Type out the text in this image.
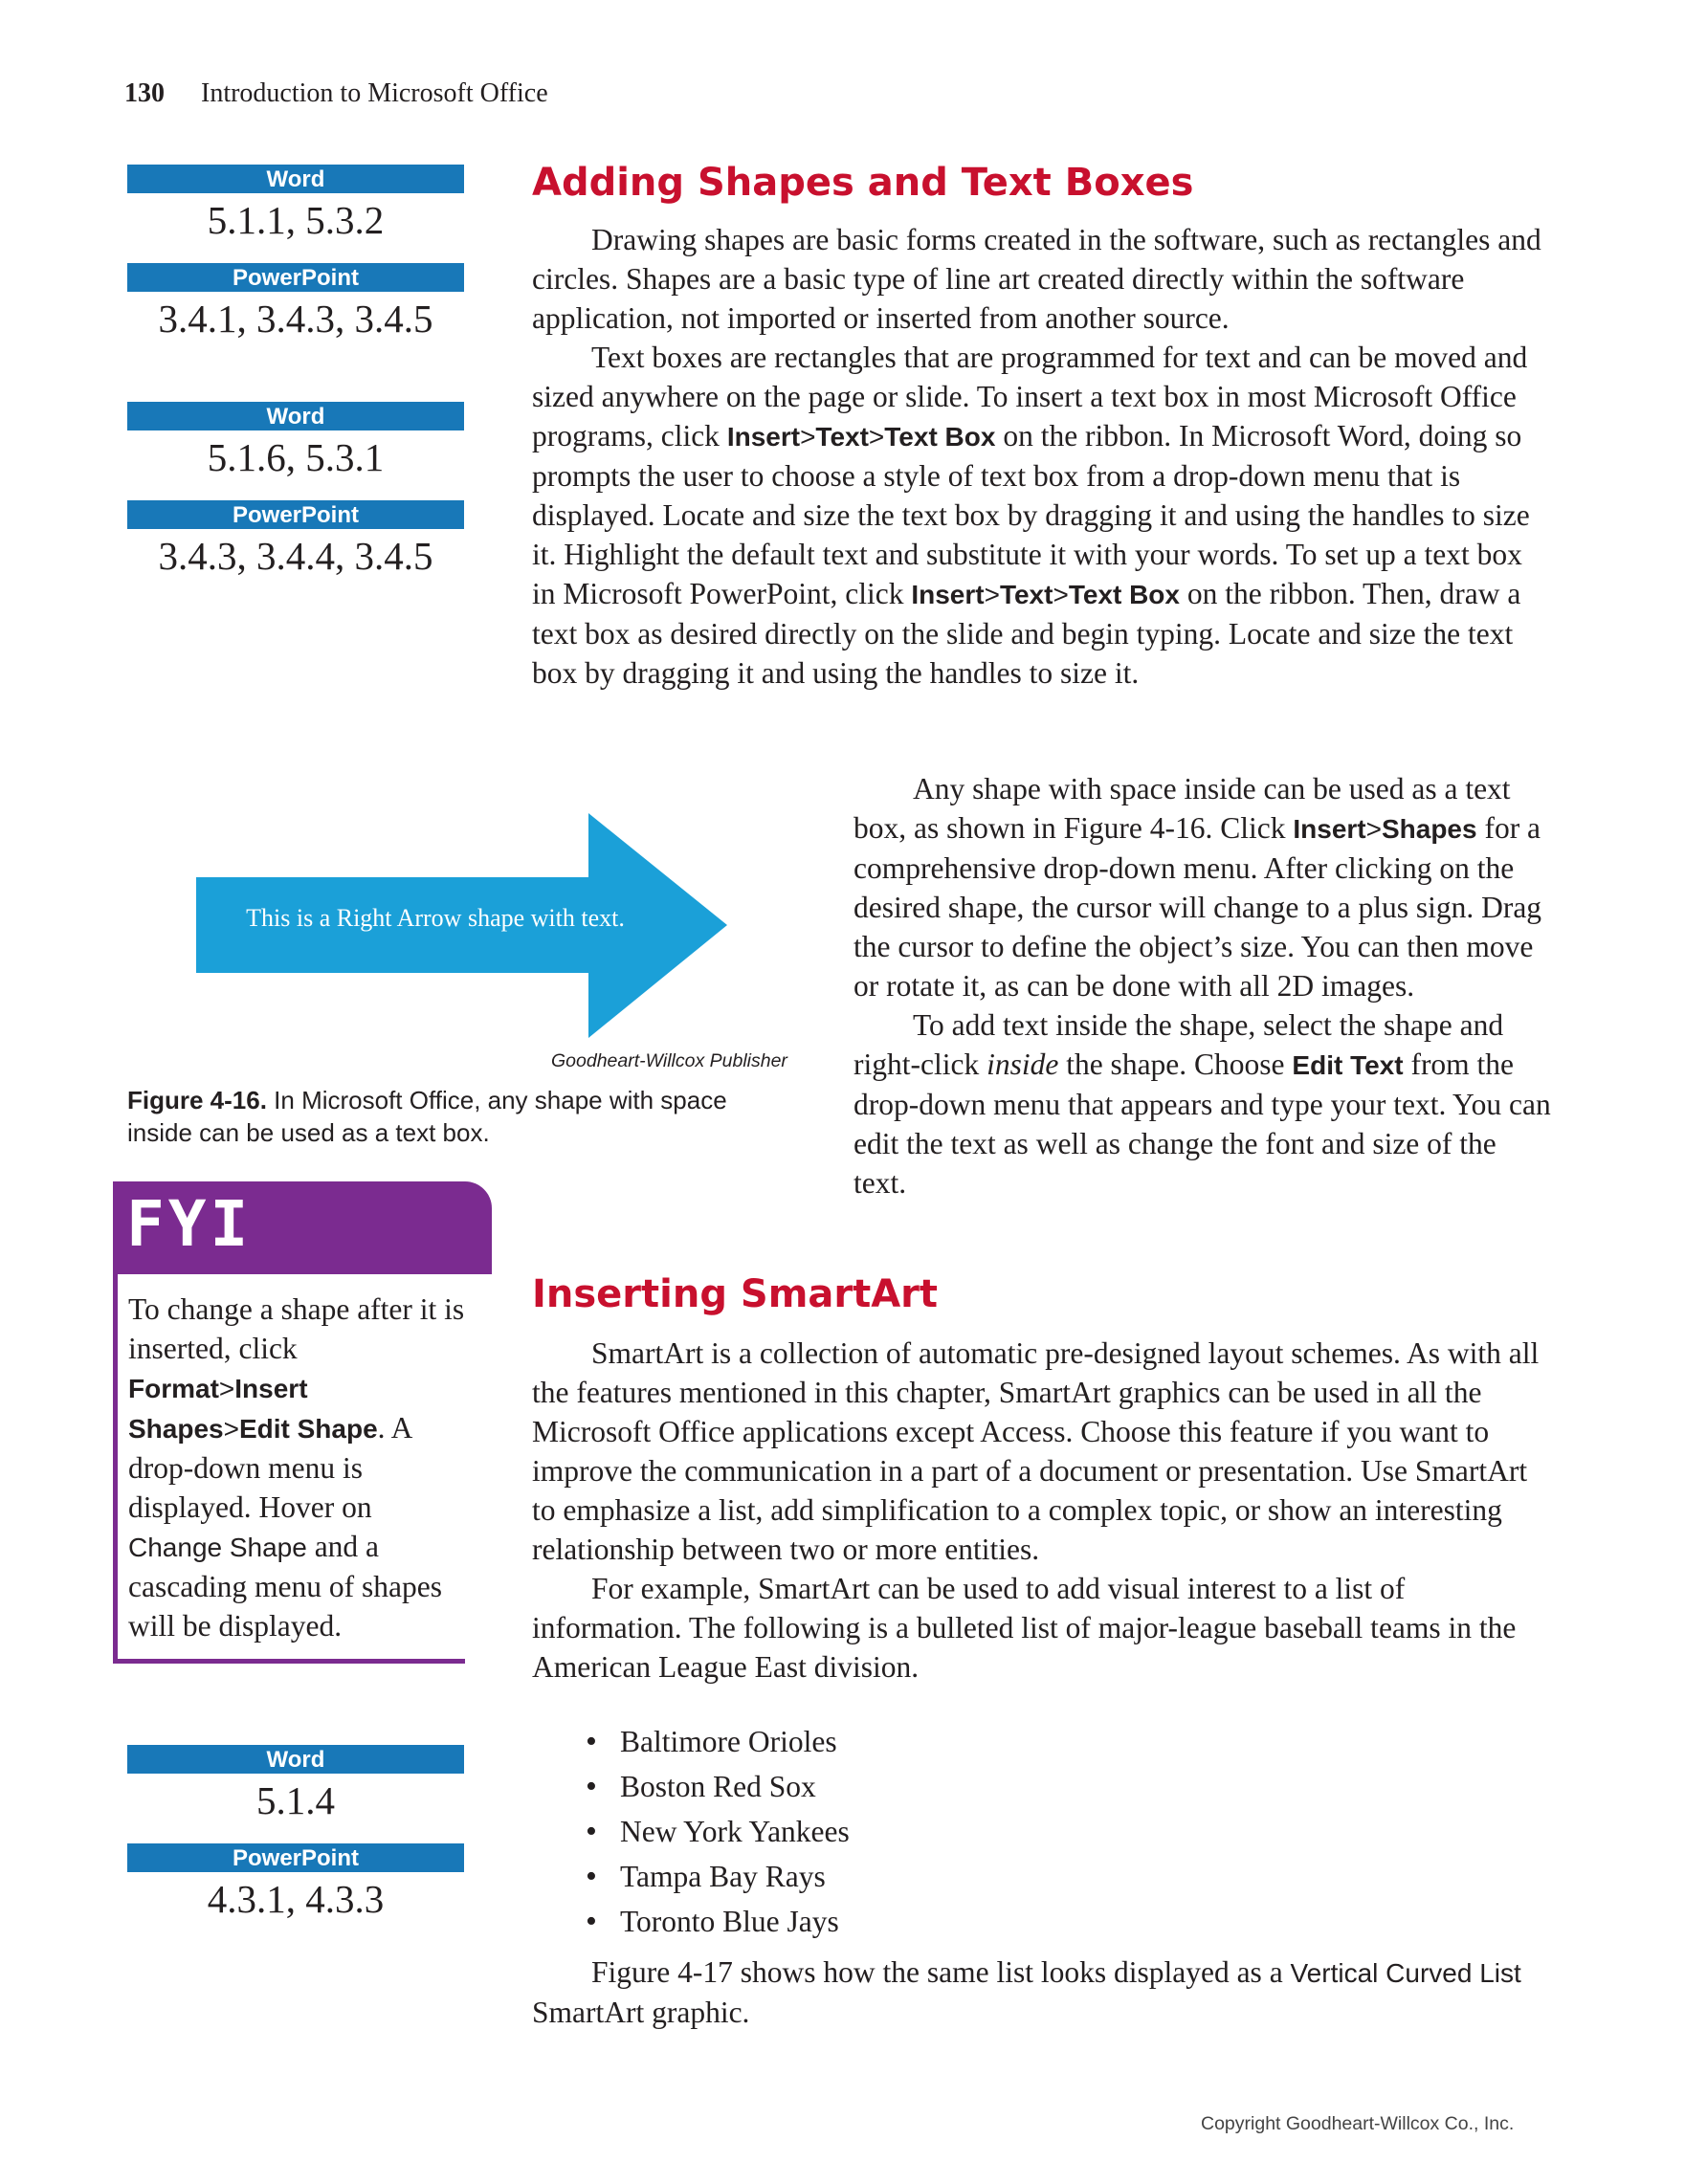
130 Introduction to Microsoft Office
Word
5.1.1, 5.3.2
PowerPoint
3.4.1, 3.4.3, 3.4.5
Word
5.1.6, 5.3.1
PowerPoint
3.4.3, 3.4.4, 3.4.5
Adding Shapes and Text Boxes

Drawing shapes are basic forms created in the software, such as rectangles and circles. Shapes are a basic type of line art created directly within the software application, not imported or inserted from another source.

Text boxes are rectangles that are programmed for text and can be moved and sized anywhere on the page or slide. To insert a text box in most Microsoft Office programs, click Insert>Text>Text Box on the ribbon. In Microsoft Word, doing so prompts the user to choose a style of text box from a drop-down menu that is displayed. Locate and size the text box by dragging it and using the handles to size it. Highlight the default text and substitute it with your words. To set up a text box in Microsoft PowerPoint, click Insert>Text>Text Box on the ribbon. Then, draw a text box as desired directly on the slide and begin typing. Locate and size the text box by dragging it and using the handles to size it.

Any shape with space inside can be used as a text box, as shown in Figure 4-16. Click Insert>Shapes for a comprehensive drop-down menu. After clicking on the desired shape, the cursor will change to a plus sign. Drag the cursor to define the object’s size. You can then move or rotate it, as can be done with all 2D images.

To add text inside the shape, select the shape and right-click inside the shape. Choose Edit Text from the drop-down menu that appears and type your text. You can edit the text as well as change the font and size of the text.

This is a Right Arrow shape with text.
Goodheart-Willcox Publisher
Figure 4-16. In Microsoft Office, any shape with space inside can be used as a text box.
FYI
To change a shape after it is inserted, click Format>Insert Shapes>Edit Shape. A drop-down menu is displayed. Hover on Change Shape and a cascading menu of shapes will be displayed.
Inserting SmartArt

SmartArt is a collection of automatic pre-designed layout schemes. As with all the features mentioned in this chapter, SmartArt graphics can be used in all the Microsoft Office applications except Access. Choose this feature if you want to improve the communication in a part of a document or presentation. Use SmartArt to emphasize a list, add simplification to a complex topic, or show an interesting relationship between two or more entities.

For example, SmartArt can be used to add visual interest to a list of information. The following is a bulleted list of major-league baseball teams in the American League East division.

• Baltimore Orioles
• Boston Red Sox
• New York Yankees
• Tampa Bay Rays
• Toronto Blue Jays

Figure 4-17 shows how the same list looks displayed as a Vertical Curved List SmartArt graphic.

Word
5.1.4
PowerPoint
4.3.1, 4.3.3
Copyright Goodheart-Willcox Co., Inc.
